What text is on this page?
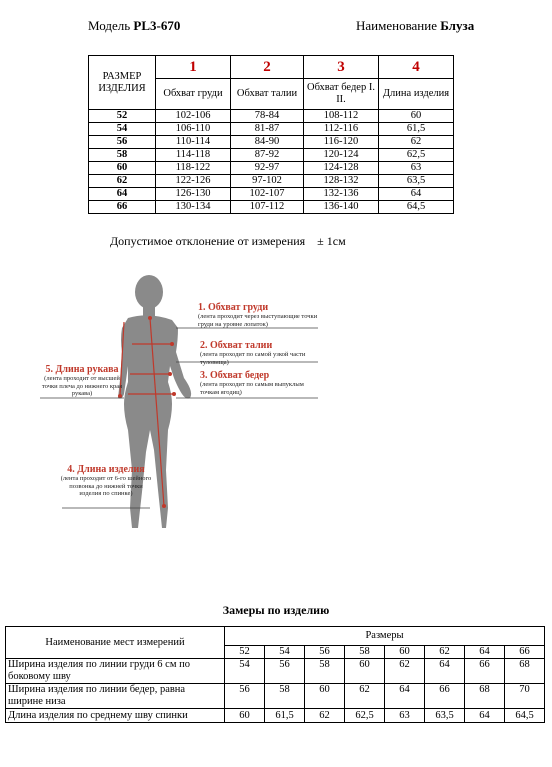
Модель PL3-670	Наименование Блуза
РАЗМЕР ИЗДЕЛИЯ	1	2	3	4
	Обхват груди	Обхват талии	Обхват бедер I. II.	Длина изделия
52	102-106	78-84	108-112	60
54	106-110	81-87	112-116	61,5
56	110-114	84-90	116-120	62
58	114-118	87-92	120-124	62,5
60	118-122	92-97	124-128	63
62	122-126	97-102	128-132	63,5
64	126-130	102-107	132-136	64
66	130-134	107-112	136-140	64,5
Допустимое отклонение от измерения    ± 1см
1. Обхват груди
(лента проходит через выступающие точки груди на уровне лопаток)
2. Обхват талии
(лента проходит по самой узкой части туловища)
3. Обхват бедер
(лента проходит по самым выпуклым точкам ягодиц)
5. Длина рукава
(лента проходит от высшей точки плеча до нижнего края рукава)
4. Длина изделия
(лента проходит от 6-го шейного позвонка до нижней точки изделия по спинке)
Замеры по изделию
Наименование мест измерений	Размеры							
	52	54	56	58	60	62	64	66
Ширина изделия по линии груди 6 см по боковому шву	54	56	58	60	62	64	66	68
Ширина изделия по линии бедер, равна ширине низа	56	58	60	62	64	66	68	70
Длина изделия по среднему шву спинки	60	61,5	62	62,5	63	63,5	64	64,5
